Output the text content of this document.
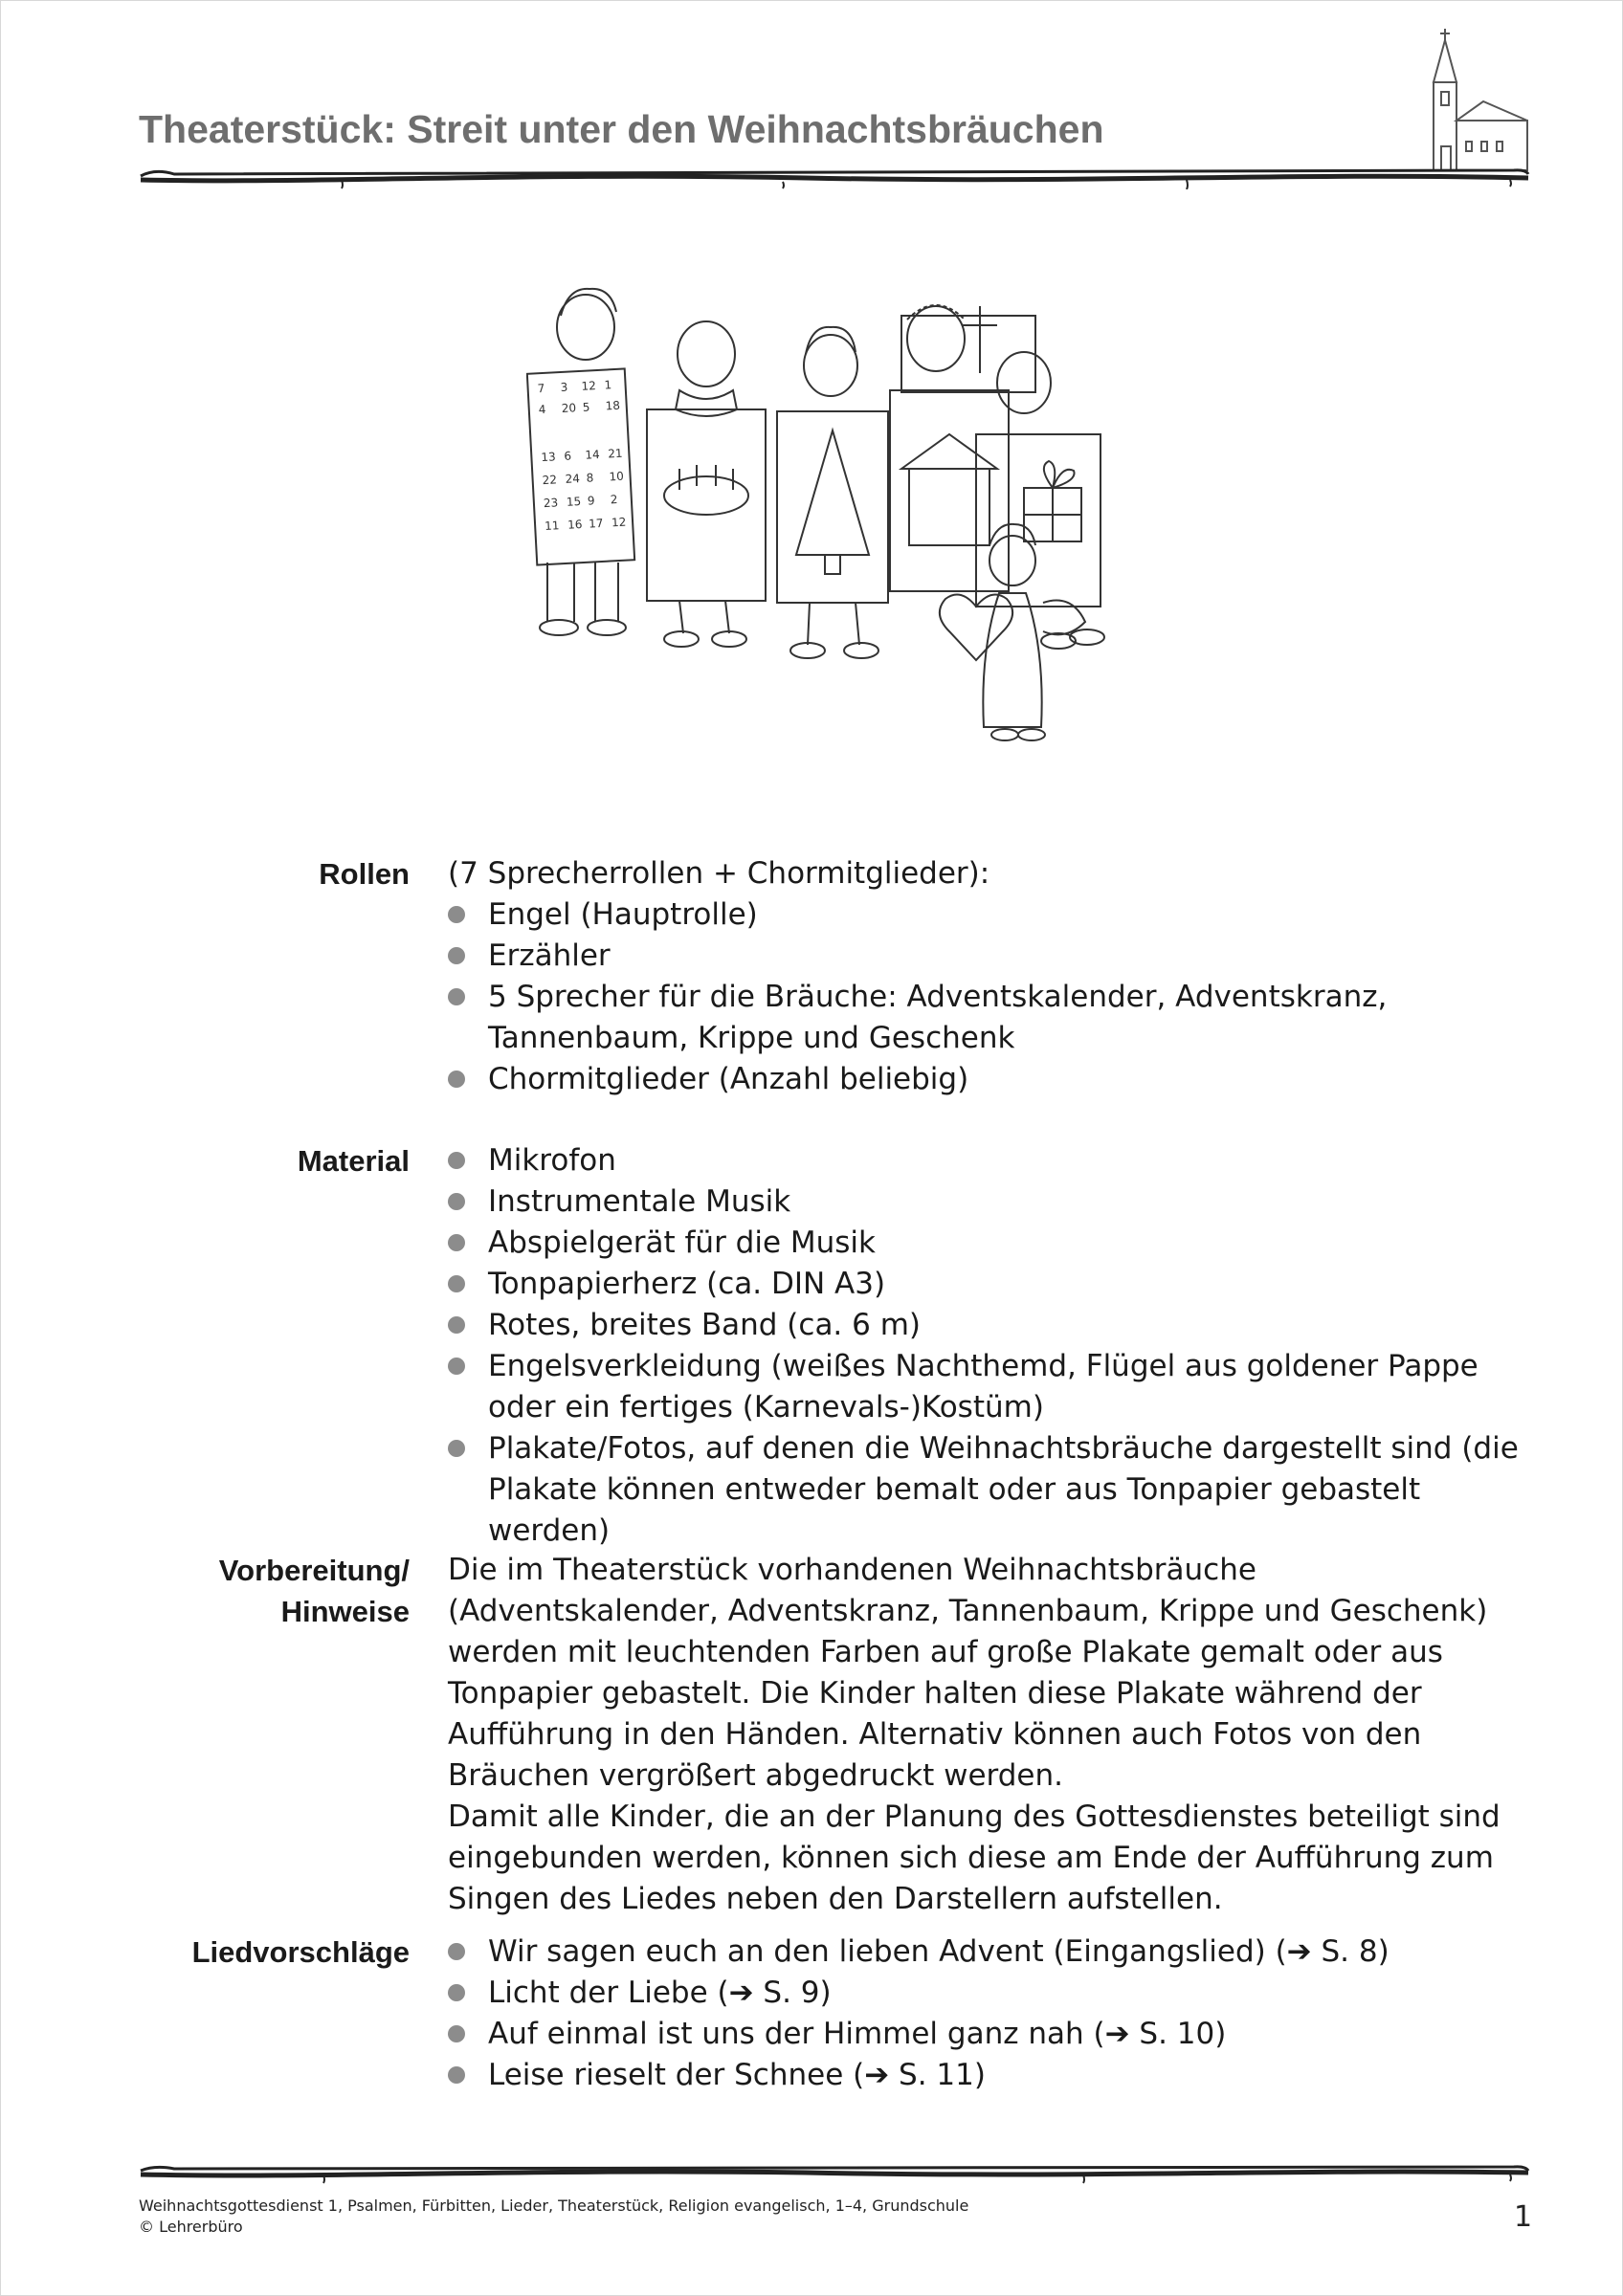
Theaterstück: Streit unter den Weihnachtsbräuchen
7 3 12 1
4 20 5 18
13 6 14 21
22 24 8 10
23 15 9 2
11 16 17 12
Rollen (7 Sprecherrollen + Chormitglieder):

Engel (Hauptrolle)
Erzähler
5 Sprecher für die Bräuche: Adventskalender, Adventskranz, Tannenbaum, Krippe und Geschenk
Chormitglieder (Anzahl beliebig)
Material	Mikrofon
Instrumentale Musik
Abspielgerät für die Musik
Tonpapierherz (ca. DIN A3)
Rotes, breites Band (ca. 6 m)
Engelsverkleidung (weißes Nachthemd, Flügel aus goldener Pappe oder ein fertiges (Karnevals-)Kostüm)
Plakate/Fotos, auf denen die Weihnachtsbräuche dargestellt sind (die Plakate können entweder bemalt oder aus Tonpapier gebastelt werden)
Vorbereitung/
Hinweise

Die im Theaterstück vorhandenen Weihnachtsbräuche (Adventskalender, Adventskranz, Tannenbaum, Krippe und Geschenk) werden mit leuchtenden Farben auf große Plakate gemalt oder aus Tonpapier gebastelt. Die Kinder halten diese Plakate während der Aufführung in den Händen. Alternativ können auch Fotos von den Bräuchen vergrößert abgedruckt werden.

Damit alle Kinder, die an der Planung des Gottesdienstes beteiligt sind eingebunden werden, können sich diese am Ende der Aufführung zum Singen des Liedes neben den Darstellern aufstellen.

Liedvorschläge	Wir sagen euch an den lieben Advent (Eingangslied) (➔ S. 8)
Licht der Liebe (➔ S. 9)
Auf einmal ist uns der Himmel ganz nah (➔ S. 10)
Leise rieselt der Schnee (➔ S. 11)
Weihnachtsgottesdienst 1, Psalmen, Fürbitten, Lieder, Theaterstück, Religion evangelisch, 1–4, Grundschule
© Lehrerbüro	1
